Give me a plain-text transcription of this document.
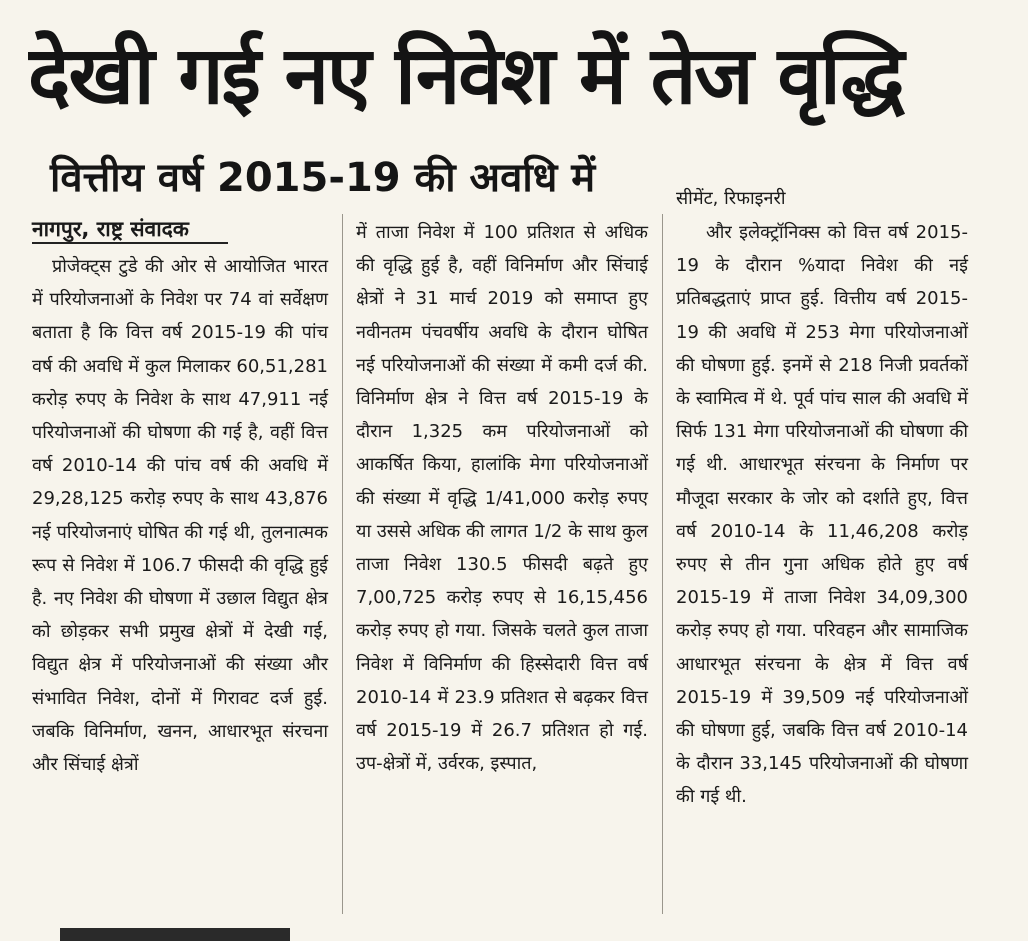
देखी गई नए निवेश में तेज वृद्धि
वित्तीय वर्ष 2015-19 की अवधि में
नागपुर, राष्ट्र संवादक

प्रोजेक्ट्स टुडे की ओर से आयोजित भारत में परियोजनाओं के निवेश पर 74 वां सर्वेक्षण बताता है कि वित्त वर्ष 2015-19 की पांच वर्ष की अवधि में कुल मिलाकर 60,51,281 करोड़ रुपए के निवेश के साथ 47,911 नई परियोजनाओं की घोषणा की गई है, वहीं वित्त वर्ष 2010-14 की पांच वर्ष की अवधि में 29,28,125 करोड़ रुपए के साथ 43,876 नई परियोजनाएं घोषित की गई थी, तुलनात्मक रूप से निवेश में 106.7 फीसदी की वृद्धि हुई है. नए निवेश की घोषणा में उछाल विद्युत क्षेत्र को छोड़कर सभी प्रमुख क्षेत्रों में देखी गई, विद्युत क्षेत्र में परियोजनाओं की संख्या और संभावित निवेश, दोनों में गिरावट दर्ज हुई. जबकि विनिर्माण, खनन, आधारभूत संरचना और सिंचाई क्षेत्रों

में ताजा निवेश में 100 प्रतिशत से अधिक की वृद्धि हुई है, वहीं विनिर्माण और सिंचाई क्षेत्रों ने 31 मार्च 2019 को समाप्त हुए नवीनतम पंचवर्षीय अवधि के दौरान घोषित नई परियोजनाओं की संख्या में कमी दर्ज की. विनिर्माण क्षेत्र ने वित्त वर्ष 2015-19 के दौरान 1,325 कम परियोजनाओं को आकर्षित किया, हालांकि मेगा परियोजनाओं की संख्या में वृद्धि 1/41,000 करोड़ रुपए या उससे अधिक की लागत 1/2 के साथ कुल ताजा निवेश 130.5 फीसदी बढ़ते हुए 7,00,725 करोड़ रुपए से 16,15,456 करोड़ रुपए हो गया. जिसके चलते कुल ताजा निवेश में विनिर्माण की हिस्सेदारी वित्त वर्ष 2010-14 में 23.9 प्रतिशत से बढ़कर वित्त वर्ष 2015-19 में 26.7 प्रतिशत हो गई. उप-क्षेत्रों में, उर्वरक, इस्पात,

सीमेंट, रिफाइनरी

और इलेक्ट्रॉनिक्स को वित्त वर्ष 2015-19 के दौरान %यादा निवेश की नई प्रतिबद्धताएं प्राप्त हुई. वित्तीय वर्ष 2015-19 की अवधि में 253 मेगा परियोजनाओं की घोषणा हुई. इनमें से 218 निजी प्रवर्तकों के स्वामित्व में थे. पूर्व पांच साल की अवधि में सिर्फ 131 मेगा परियोजनाओं की घोषणा की गई थी. आधारभूत संरचना के निर्माण पर मौजूदा सरकार के जोर को दर्शाते हुए, वित्त वर्ष 2010-14 के 11,46,208 करोड़ रुपए से तीन गुना अधिक होते हुए वर्ष 2015-19 में ताजा निवेश 34,09,300 करोड़ रुपए हो गया. परिवहन और सामाजिक आधारभूत संरचना के क्षेत्र में वित्त वर्ष 2015-19 में 39,509 नई परियोजनाओं की घोषणा हुई, जबकि वित्त वर्ष 2010-14 के दौरान 33,145 परियोजनाओं की घोषणा की गई थी.
